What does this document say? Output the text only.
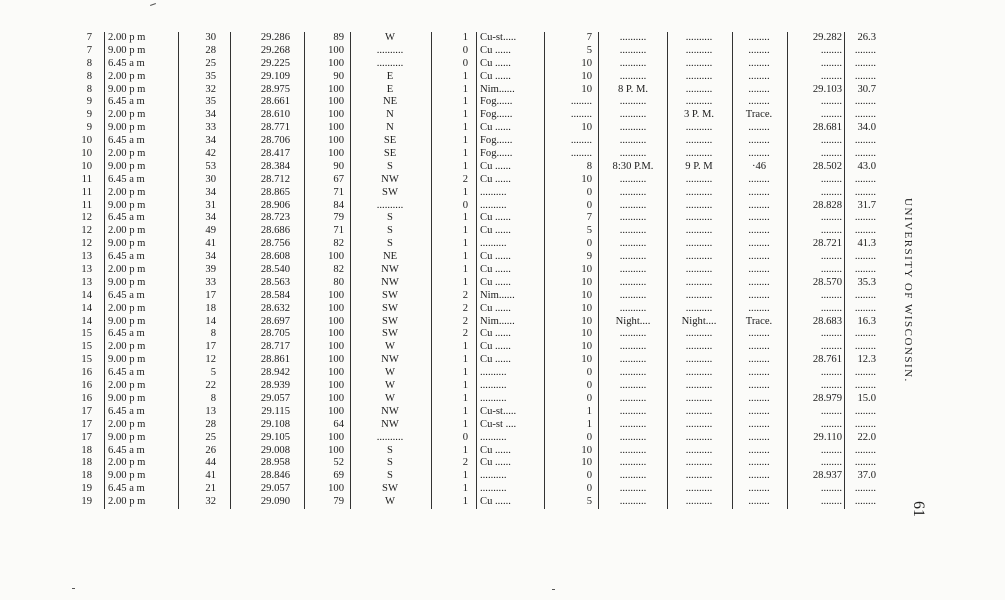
7 2.00 p m	30	29.286	89	W	1 Cu-st.....	7	..........	..........	........	29.282	26.3
7 9.00 p m	28	29.268	100	..........	0 Cu ......	5	..........	..........	........	........	........
8 6.45 a m	25	29.225	100	..........	0 Cu ......	10	..........	..........	........	........	........
8 2.00 p m	35	29.109	90	E	1 Cu ......	10	..........	..........	........	........	........
8 9.00 p m	32	28.975	100	E	1 Nim......	10	8 P. M.	..........	........	29.103	30.7
9 6.45 a m	35	28.661	100	NE	1 Fog......	........	..........	..........	........	........	........
9 2.00 p m	34	28.610	100	N	1 Fog......	........	..........	3 P. M.	Trace.	........	........
9 9.00 p m	33	28.771	100	N	1 Cu ......	10	..........	..........	........	28.681	34.0
10 6.45 a m	34	28.706	100	SE	1 Fog......	........	..........	..........	........	........	........
10 2.00 p m	42	28.417	100	SE	1 Fog......	........	..........	..........	........	........	........
10 9.00 p m	53	28.384	90	S	1 Cu ......	8	8:30 P.M.	9 P. M	·46	28.502	43.0
11 6.45 a m	30	28.712	67	NW	2 Cu ......	10	..........	..........	........	........	........
11 2.00 p m	34	28.865	71	SW	1 ..........	0	..........	..........	........	........	........
11 9.00 p m	31	28.906	84	..........	0 ..........	0	..........	..........	........	28.828	31.7
12 6.45 a m	34	28.723	79	S	1 Cu ......	7	..........	..........	........	........	........
12 2.00 p m	49	28.686	71	S	1 Cu ......	5	..........	..........	........	........	........
12 9.00 p m	41	28.756	82	S	1 ..........	0	..........	..........	........	28.721	41.3
13 6.45 a m	34	28.608	100	NE	1 Cu ......	9	..........	..........	........	........	........
13 2.00 p m	39	28.540	82	NW	1 Cu ......	10	..........	..........	........	........	........
13 9.00 p m	33	28.563	80	NW	1 Cu ......	10	..........	..........	........	28.570	35.3
14 6.45 a m	17	28.584	100	SW	2 Nim......	10	..........	..........	........	........	........
14 2.00 p m	18	28.632	100	SW	2 Cu ......	10	..........	..........	........	........	........
14 9.00 p m	14	28.697	100	SW	2 Nim......	10	Night....	Night....	Trace.	28.683	16.3
15 6.45 a m	8	28.705	100	SW	2 Cu ......	10	..........	..........	........	........	........
15 2.00 p m	17	28.717	100	W	1 Cu ......	10	..........	..........	........	........	........
15 9.00 p m	12	28.861	100	NW	1 Cu ......	10	..........	..........	........	28.761	12.3
16 6.45 a m	5	28.942	100	W	1 ..........	0	..........	..........	........	........	........
16 2.00 p m	22	28.939	100	W	1 ..........	0	..........	..........	........	........	........
16 9.00 p m	8	29.057	100	W	1 ..........	0	..........	..........	........	28.979	15.0
17 6.45 a m	13	29.115	100	NW	1 Cu-st.....	1	..........	..........	........	........	........
17 2.00 p m	28	29.108	64	NW	1 Cu-st ....	1	..........	..........	........	........	........
17 9.00 p m	25	29.105	100	..........	0 ..........	0	..........	..........	........	29.110	22.0
18 6.45 a m	26	29.008	100	S	1 Cu ......	10	..........	..........	........	........	........
18 2.00 p m	44	28.958	52	S	2 Cu ......	10	..........	..........	........	........	........
18 9.00 p m	41	28.846	69	S	1 ..........	0	..........	..........	........	28.937	37.0
19 6.45 a m	21	29.057	100	SW	1 ..........	0	..........	..........	........	........	........
19 2.00 p m	32	29.090	79	W	1 Cu ......	5	..........	..........	........	........	........
UNIVERSITY OF WISCONSIN.
61
